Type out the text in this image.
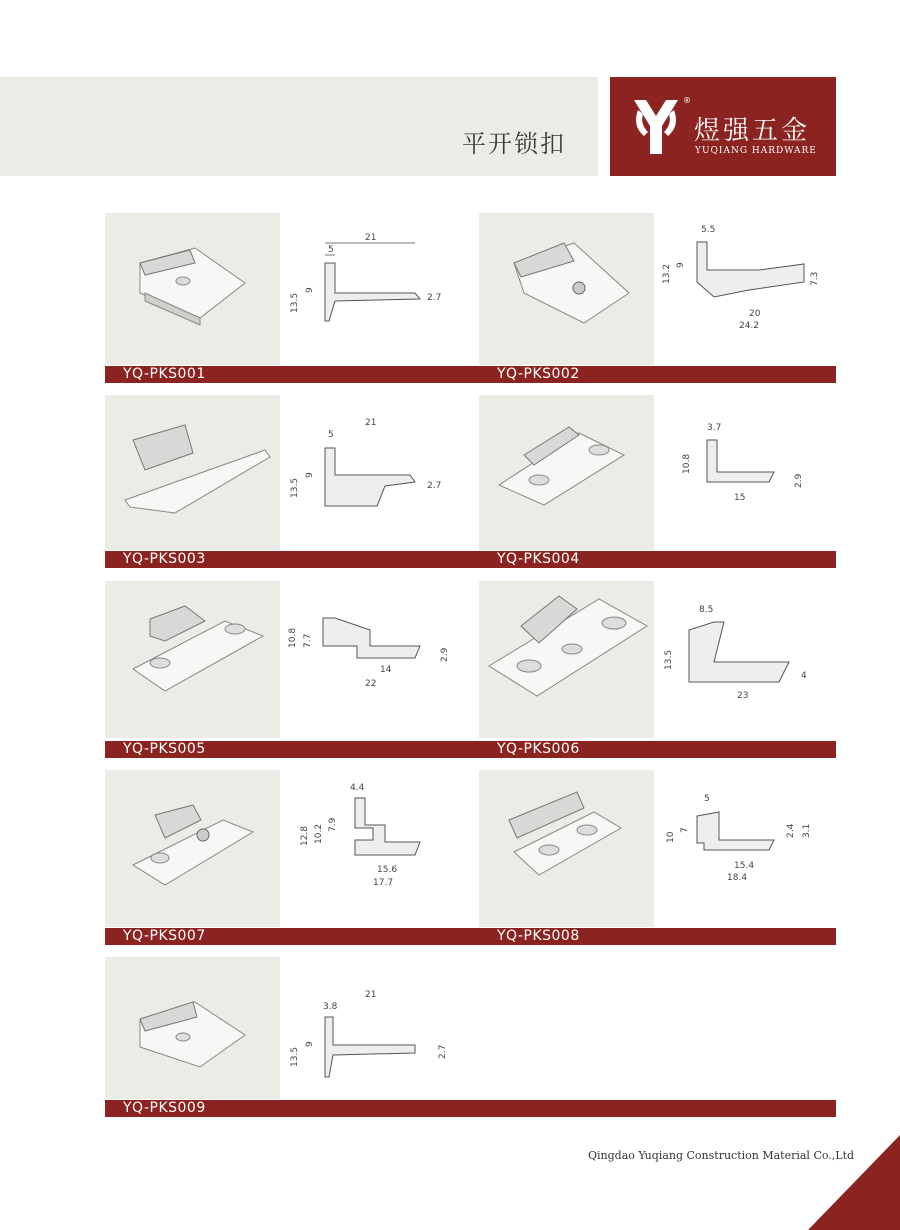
平开锁扣
®
煜强五金
YUQIANG HARDWARE
YQ-PKS001
21
5
13.5
9
2.7
YQ-PKS002
5.5
13.2 9
7.3
20
24.2
YQ-PKS003
21
5
13.5
9
2.7
YQ-PKS004
3.7
10.8
2.9
15
YQ-PKS005
10.8 7.7
2.9
14
22
YQ-PKS006
8.5
13.5
4
23
YQ-PKS007
4.4
12.8 10.2 7.9
15.6
17.7
YQ-PKS008
5
10
7	2.4 3.1
15.4
18.4
YQ-PKS009
21
3.8
13.5
9
2.7
Qingdao Yuqiang Construction Material Co.,Ltd
